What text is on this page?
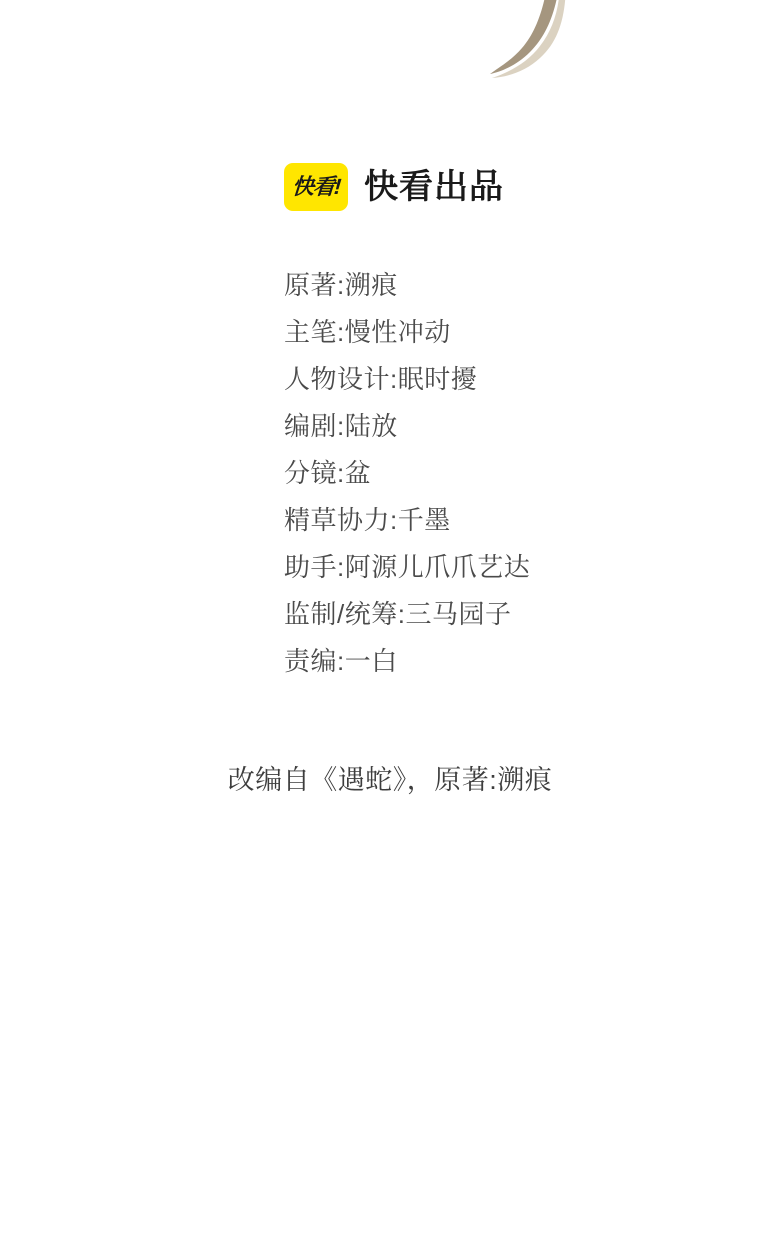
快看! 快看出品
原著:溯痕
主笔:慢性冲动
人物设计:眠时擾
编剧:陆放
分镜:盆
精草协力:千墨
助手:阿源儿爪爪艺达
监制/统筹:三马园子
责编:一白
改编自《遇蛇》，原著:溯痕
